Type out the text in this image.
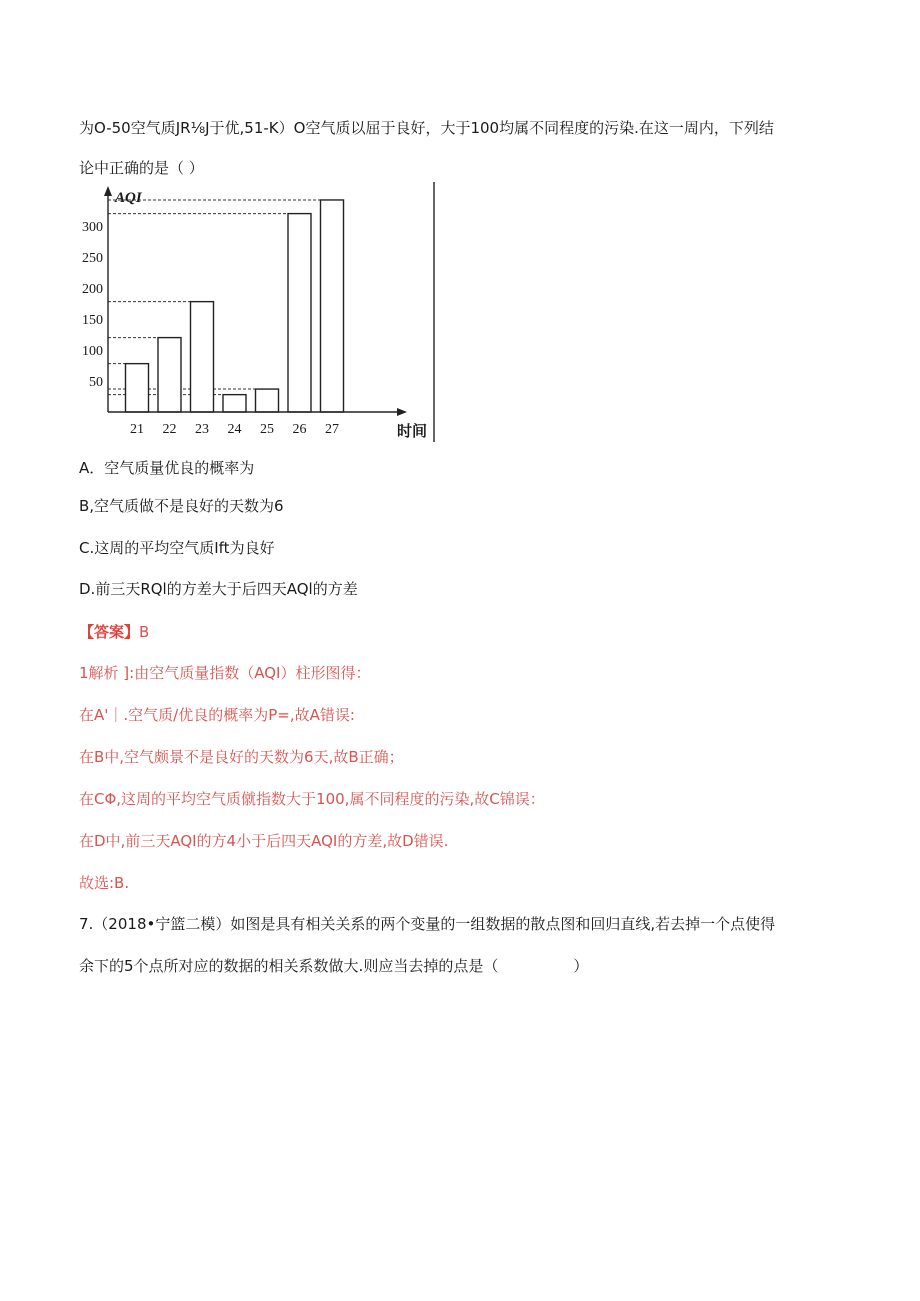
为O-50空气质JR⅛J于优,51-K）O空气质以屈于良好，大于100均属不同程度的污染.在这一周内，下列结
论中正确的是（ ）
AQI
时间
50
100
150
200
250
300
21 22 23 24 25 26 27
A．空气质量优良的概率为
B,空气质做不是良好的天数为6
C.这周的平均空气质Ift为良好
D.前三天RQl的方差大于后四天AQl的方差
【答案】B
1解析 ]:由空气质量指数（AQI）柱形图得：
在A'｜.空气质/优良的概率为P=,故A错误:
在B中,空气颇景不是良好的天数为6天,故B正确；
在CΦ,这周的平均空气质僦指数大于100,属不同程度的污染,故C锦误：
在D中,前三天AQI的方4小于后四天AQI的方差,故D错误.
故选:B.
7.（2018•宁篮二模）如图是具有相关关系的两个变量的一组数据的散点图和回归直线,若去掉一个点使得
余下的5个点所对应的数据的相关系数做大.则应当去掉的点是（　　　　　）
